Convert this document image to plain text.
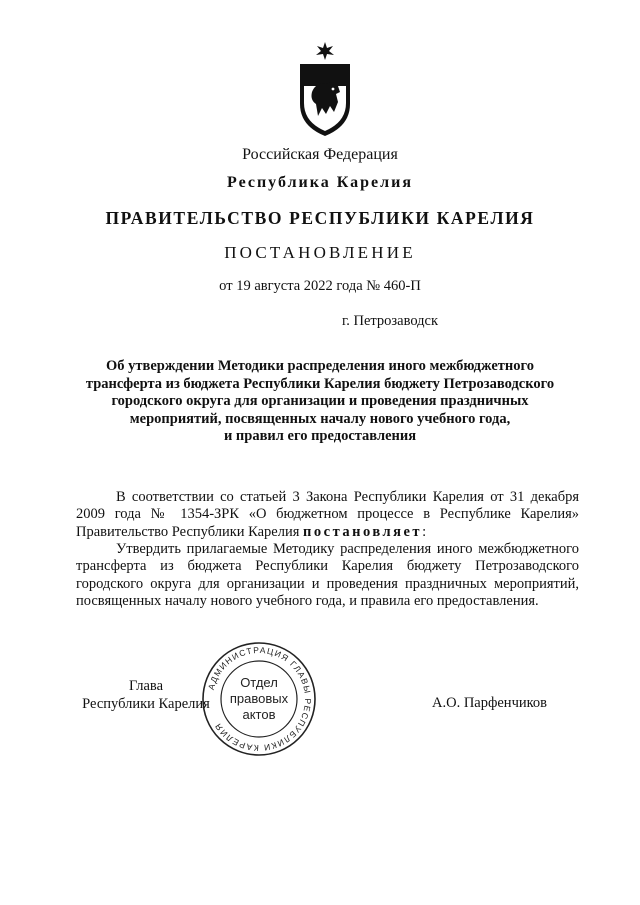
Российская Федерация
Республика Карелия
ПРАВИТЕЛЬСТВО РЕСПУБЛИКИ КАРЕЛИЯ
ПОСТАНОВЛЕНИЕ
от 19 августа 2022 года № 460-П
г. Петрозаводск
Об утверждении Методики распределения иного межбюджетного
трансферта из бюджета Республики Карелия бюджету Петрозаводского
городского округа для организации и проведения праздничных
мероприятий, посвященных началу нового учебного года,
и правил его предоставления
В соответствии со статьей 3 Закона Республики Карелия от 31 декабря 2009 года № 1354-ЗРК «О бюджетном процессе в Республике Карелия» Правительство Республики Карелия постановляет:
Утвердить прилагаемые Методику распределения иного межбюджетного трансферта из бюджета Республики Карелия бюджету Петрозаводского городского округа для организации и проведения праздничных мероприятий, посвященных началу нового учебного года, и правила его предоставления.
Глава
Республики Карелия
АДМИНИСТРАЦИЯ ГЛАВЫ РЕСПУБЛИКИ КАРЕЛИЯ
Отдел
правовых
актов
А.О. Парфенчиков
